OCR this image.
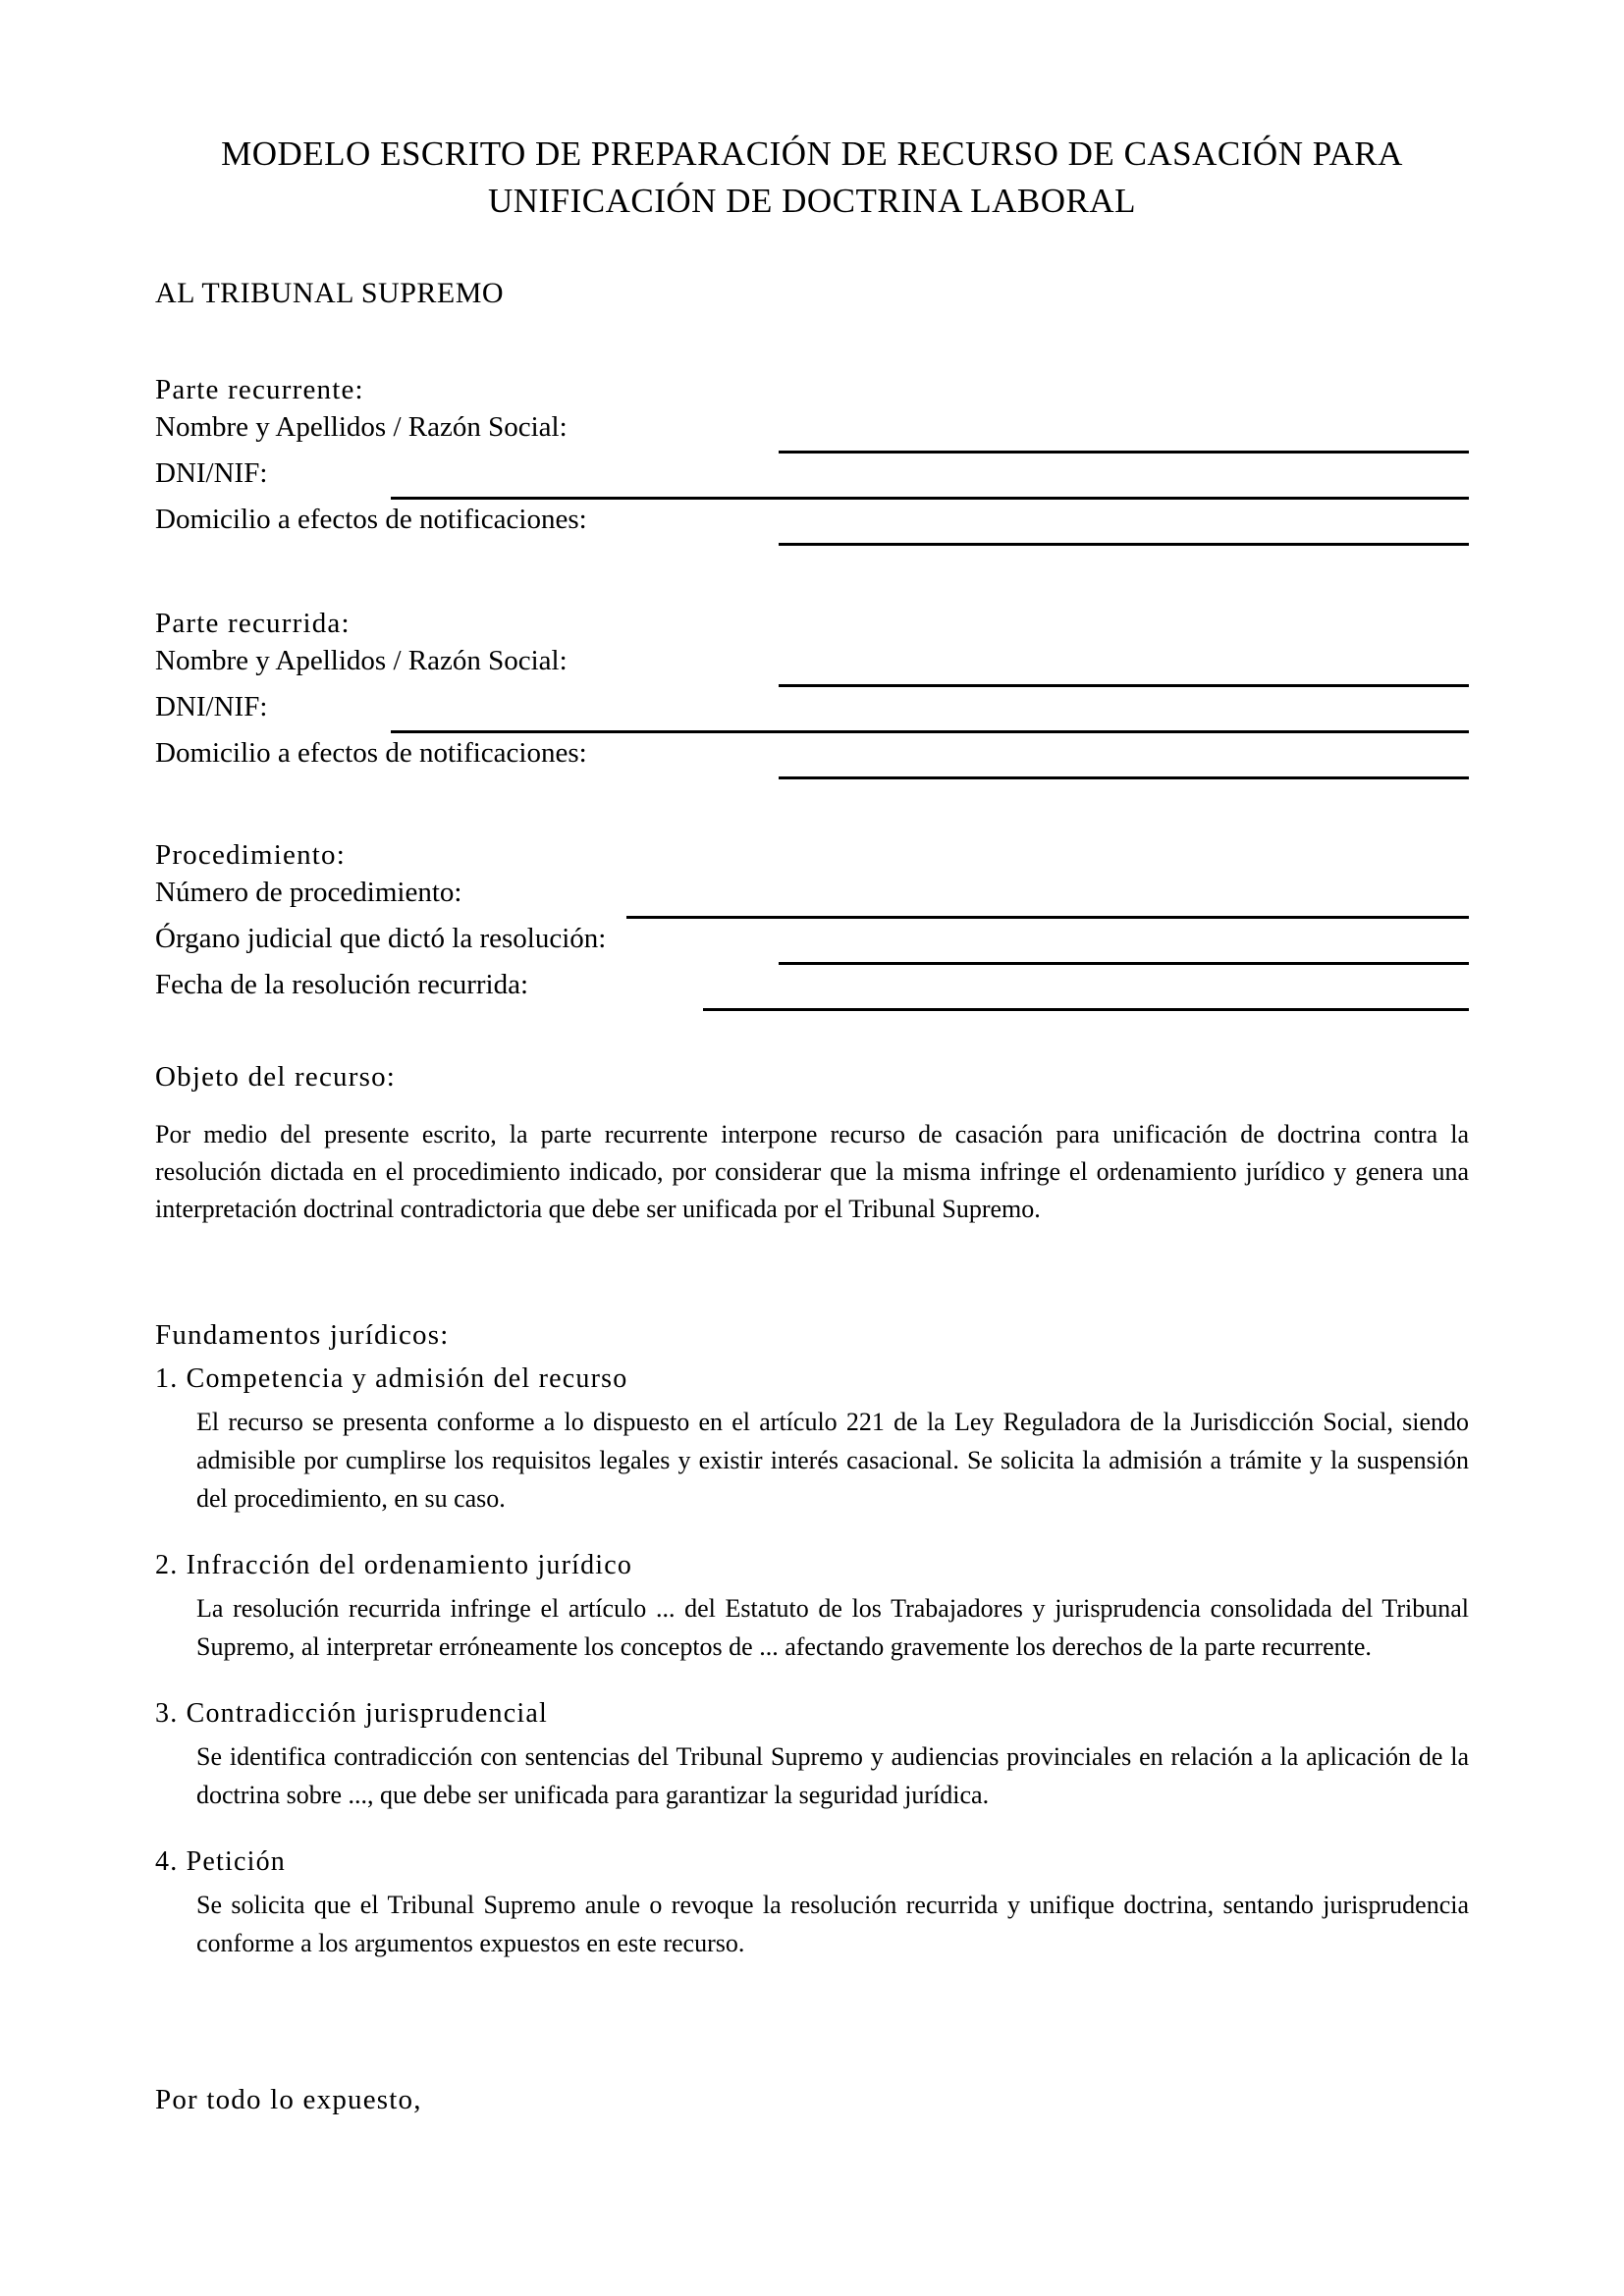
MODELO ESCRITO DE PREPARACIÓN DE RECURSO DE CASACIÓN PARA
UNIFICACIÓN DE DOCTRINA LABORAL
AL TRIBUNAL SUPREMO
Parte recurrente:
Nombre y Apellidos / Razón Social:
DNI/NIF:
Domicilio a efectos de notificaciones:
Parte recurrida:
Nombre y Apellidos / Razón Social:
DNI/NIF:
Domicilio a efectos de notificaciones:
Procedimiento:
Número de procedimiento:
Órgano judicial que dictó la resolución:
Fecha de la resolución recurrida:
Objeto del recurso:

Por medio del presente escrito, la parte recurrente interpone recurso de casación para unificación de doctrina contra la resolución dictada en el procedimiento indicado, por considerar que la misma infringe el ordenamiento jurídico y genera una interpretación doctrinal contradictoria que debe ser unificada por el Tribunal Supremo.

Fundamentos jurídicos:
1. Competencia y admisión del recurso

El recurso se presenta conforme a lo dispuesto en el artículo 221 de la Ley Reguladora de la Jurisdicción Social, siendo admisible por cumplirse los requisitos legales y existir interés casacional. Se solicita la admisión a trámite y la suspensión del procedimiento, en su caso.

2. Infracción del ordenamiento jurídico

La resolución recurrida infringe el artículo ... del Estatuto de los Trabajadores y jurisprudencia consolidada del Tribunal Supremo, al interpretar erróneamente los conceptos de ... afectando gravemente los derechos de la parte recurrente.

3. Contradicción jurisprudencial

Se identifica contradicción con sentencias del Tribunal Supremo y audiencias provinciales en relación a la aplicación de la doctrina sobre ..., que debe ser unificada para garantizar la seguridad jurídica.

4. Petición

Se solicita que el Tribunal Supremo anule o revoque la resolución recurrida y unifique doctrina, sentando jurisprudencia conforme a los argumentos expuestos en este recurso.

Por todo lo expuesto,
